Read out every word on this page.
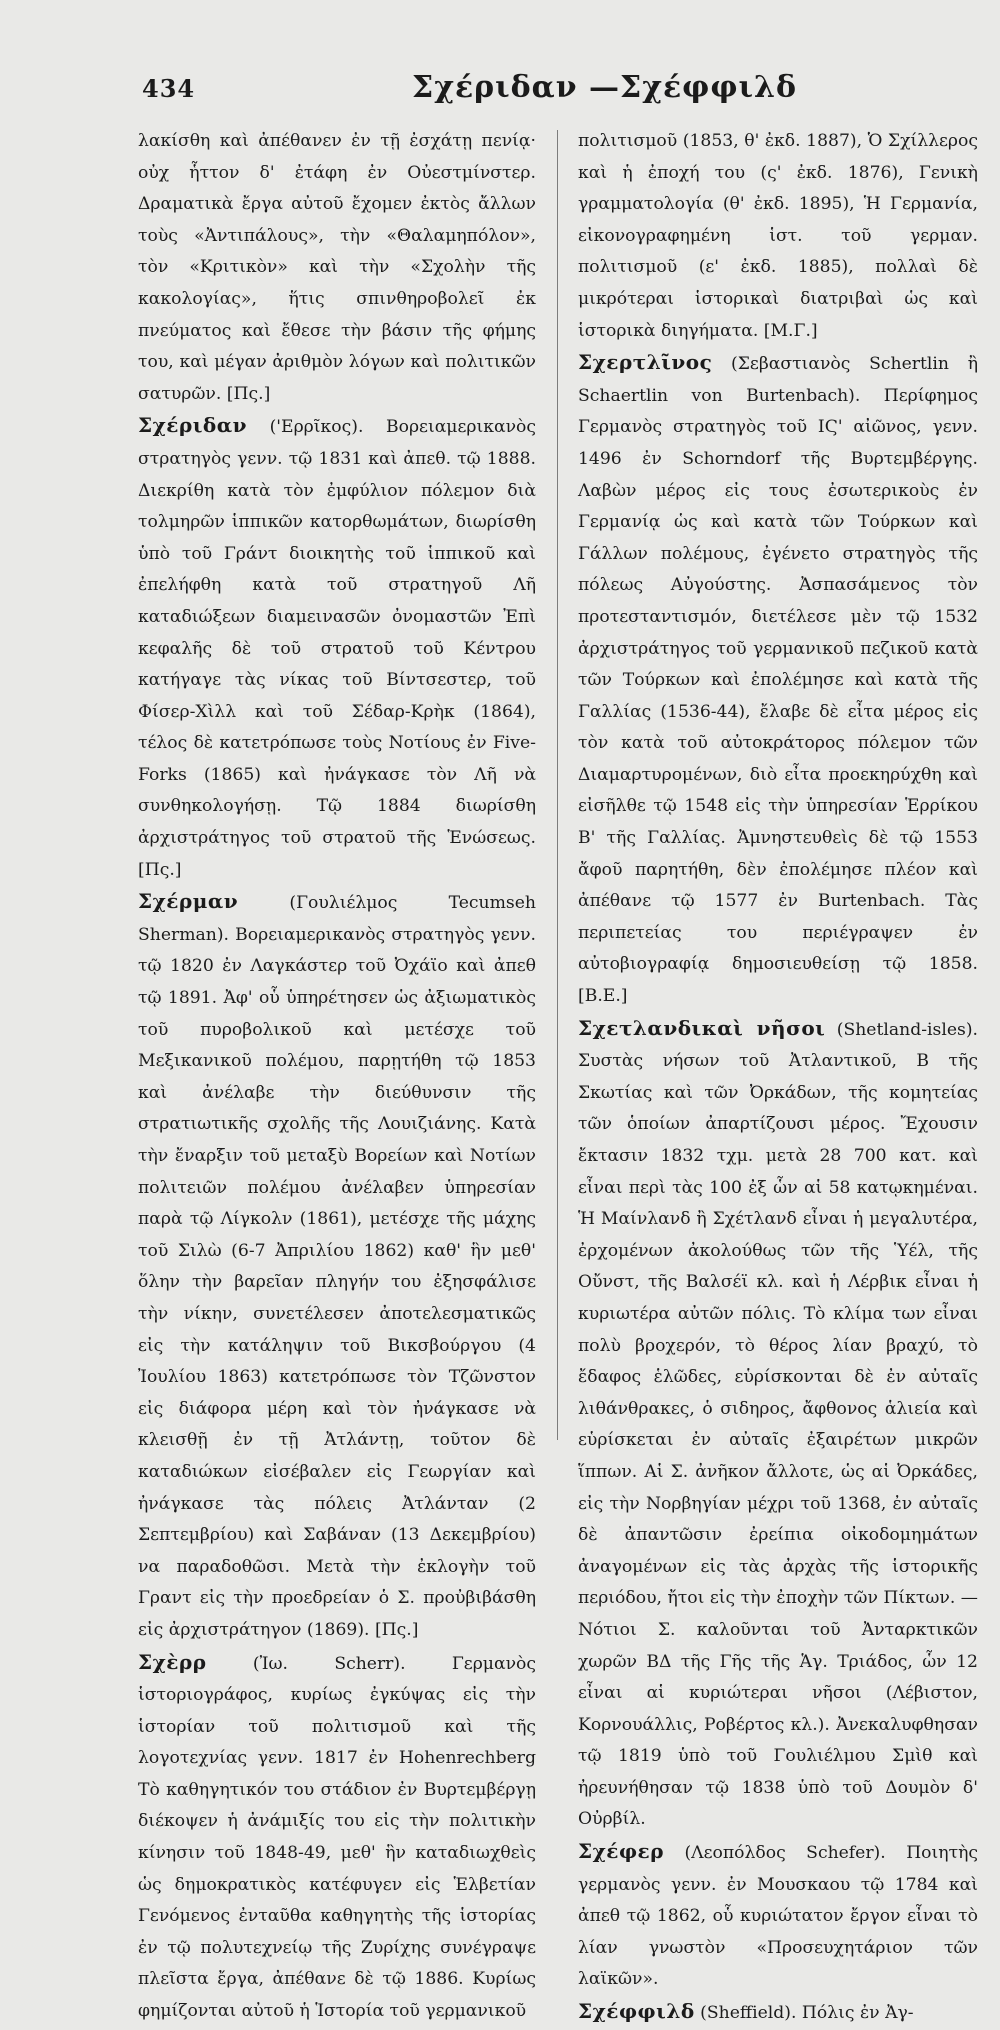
434	Σχέριδαν —Σχέφφιλδ

λακίσθη καὶ ἀπέθανεν ἐν τῇ ἐσχάτῃ πενίᾳ· οὐχ ἧττον δ' ἐτάφη ἐν Οὐεστμίνστερ. Δραματικὰ ἔργα αὐτοῦ ἔχομεν ἐκτὸς ἄλλων τοὺς «Ἀντιπάλους», τὴν «Θαλαμηπόλον», τὸν «Κριτικὸν» καὶ τὴν «Σχολὴν τῆς κακολογίας», ἥτις σπινθηροβολεῖ ἐκ πνεύματος καὶ ἔθεσε τὴν βάσιν τῆς φήμης του, καὶ μέγαν ἀριθμὸν λόγων καὶ πολιτικῶν σατυρῶν. [Πς.]

Σχέριδαν ('Ερρῖκος). Βορειαμερικανὸς στρατηγὸς γενν. τῷ 1831 καὶ ἀπεθ. τῷ 1888. Διεκρίθη κατὰ τὸν ἐμφύλιον πόλεμον διὰ τολμηρῶν ἱππικῶν κατορθωμάτων, διωρίσθη ὑπὸ τοῦ Γράντ διοικητὴς τοῦ ἱππικοῦ καὶ ἐπελήφθη κατὰ τοῦ στρατηγοῦ Λῆ καταδιώξεων διαμεινασῶν ὀνομαστῶν Ἐπὶ κεφαλῆς δὲ τοῦ στρατοῦ τοῦ Κέντρου κατήγαγε τὰς νίκας τοῦ Βίντσεστερ, τοῦ Φίσερ-Χὶλλ καὶ τοῦ Σέδαρ-Κρὴκ (1864), τέλος δὲ κατετρόπωσε τοὺς Νοτίους ἐν Five-Forks (1865) καὶ ἠνάγκασε τὸν Λῆ νὰ συνθηκολογήσῃ. Τῷ 1884 διωρίσθη ἀρχιστράτηγος τοῦ στρατοῦ τῆς Ἑνώσεως. [Πς.]

Σχέρμαν (Γουλιέλμος Tecumseh Sherman). Βορειαμερικανὸς στρατηγὸς γενν. τῷ 1820 ἐν Λαγκάστερ τοῦ Ὀχάϊο καὶ ἀπεθ τῷ 1891. Ἀφ' οὗ ὑπηρέτησεν ὡς ἀξιωματικὸς τοῦ πυροβολικοῦ καὶ μετέσχε τοῦ Μεξικανικοῦ πολέμου, παρῃτήθη τῷ 1853 καὶ ἀνέλαβε τὴν διεύθυνσιν τῆς στρατιωτικῆς σχολῆς τῆς Λουιζιάνης. Κατὰ τὴν ἔναρξιν τοῦ μεταξὺ Βορείων καὶ Νοτίων πολιτειῶν πολέμου ἀνέλαβεν ὑπηρεσίαν παρὰ τῷ Λίγκολν (1861), μετέσχε τῆς μάχης τοῦ Σιλὼ (6-7 Ἀπριλίου 1862) καθ' ἣν μεθ' ὅλην τὴν βαρεῖαν πληγήν του ἐξησφάλισε τὴν νίκην, συνετέλεσεν ἀποτελεσματικῶς εἰς τὴν κατάληψιν τοῦ Βικσβούργου (4 Ἰουλίου 1863) κατετρόπωσε τὸν Τζῶνστον εἰς διάφορα μέρη καὶ τὸν ἠνάγκασε νὰ κλεισθῇ ἐν τῇ Ἀτλάντῃ, τοῦτον δὲ καταδιώκων εἰσέβαλεν εἰς Γεωργίαν καὶ ἠνάγκασε τὰς πόλεις Ἀτλάνταν (2 Σεπτεμβρίου) καὶ Σαβάναν (13 Δεκεμβρίου) να παραδοθῶσι. Μετὰ τὴν ἐκλογὴν τοῦ Γραντ εἰς τὴν προεδρείαν ὁ Σ. προὐβιβάσθη εἰς ἀρχιστράτηγον (1869). [Πς.]

Σχὲρρ (Ἰω. Scherr). Γερμανὸς ἱστοριογράφος, κυρίως ἐγκύψας εἰς τὴν ἱστορίαν τοῦ πολιτισμοῦ καὶ τῆς λογοτεχνίας γενν. 1817 ἐν Hohenrechberg Τὸ καθηγητικόν του στάδιον ἐν Βυρτεμβέργῃ διέκοψεν ἡ ἀνάμιξίς του εἰς τὴν πολιτικὴν κίνησιν τοῦ 1848-49, μεθ' ἣν καταδιωχθεὶς ὡς δημοκρατικὸς κατέφυγεν εἰς Ἑλβετίαν Γενόμενος ἐνταῦθα καθηγητὴς τῆς ἱστορίας ἐν τῷ πολυτεχνείῳ τῆς Ζυρίχης συνέγραψε πλεῖστα ἔργα, ἀπέθανε δὲ τῷ 1886. Κυρίως φημίζονται αὐτοῦ ἡ Ἱστορία τοῦ γερμανικοῦ

πολιτισμοῦ (1853, θ' ἐκδ. 1887), Ὁ Σχίλλερος καὶ ἡ ἐποχή του (ς' ἐκδ. 1876), Γενικὴ γραμματολογία (θ' ἐκδ. 1895), Ἡ Γερμανία, εἰκονογραφημένη ἱστ. τοῦ γερμαν. πολιτισμοῦ (ε' ἐκδ. 1885), πολλαὶ δὲ μικρότεραι ἱστορικαὶ διατριβαὶ ὡς καὶ ἱστορικὰ διηγήματα. [Μ.Γ.]

Σχερτλῖνος (Σεβαστιανὸς Schertlin ἢ Schaertlin von Burtenbach). Περίφημος Γερμανὸς στρατηγὸς τοῦ ΙϚ' αἰῶνος, γενν. 1496 ἐν Schorndorf τῆς Βυρτεμβέργης. Λαβὼν μέρος εἰς τους ἐσωτερικοὺς ἐν Γερμανίᾳ ὡς καὶ κατὰ τῶν Τούρκων καὶ Γάλλων πολέμους, ἐγένετο στρατηγὸς τῆς πόλεως Αὐγούστης. Ἀσπασάμενος τὸν προτεσταντισμόν, διετέλεσε μὲν τῷ 1532 ἀρχιστράτηγος τοῦ γερμανικοῦ πεζικοῦ κατὰ τῶν Τούρκων καὶ ἐπολέμησε καὶ κατὰ τῆς Γαλλίας (1536-44), ἔλαβε δὲ εἶτα μέρος εἰς τὸν κατὰ τοῦ αὐτοκράτορος πόλεμον τῶν Διαμαρτυρομένων, διὸ εἶτα προεκηρύχθη καὶ εἰσῆλθε τῷ 1548 εἰς τὴν ὑπηρεσίαν Ἑρρίκου Β' τῆς Γαλλίας. Ἀμνηστευθεὶς δὲ τῷ 1553 ἄφοῦ παρητήθη, δὲν ἐπολέμησε πλέον καὶ ἀπέθανε τῷ 1577 ἐν Burtenbach. Τὰς περιπετείας του περιέγραψεν ἐν αὐτοβιογραφίᾳ δημοσιευθείσῃ τῷ 1858. [Β.Ε.]

Σχετλανδικαὶ νῆσοι (Shetland-isles). Συστὰς νήσων τοῦ Ἀτλαντικοῦ, Β τῆς Σκωτίας καὶ τῶν Ὀρκάδων, τῆς κομητείας τῶν ὁποίων ἀπαρτίζουσι μέρος. Ἔχουσιν ἔκτασιν 1832 τχμ. μετὰ 28 700 κατ. καὶ εἶναι περὶ τὰς 100 ἐξ ὧν αἱ 58 κατῳκημέναι. Ἡ Μαίνλανδ ἢ Σχέτλανδ εἶναι ἡ μεγαλυτέρα, ἐρχομένων ἀκολούθως τῶν τῆς Ὑέλ, τῆς Οὔνστ, τῆς Βαλσέϊ κλ. καὶ ἡ Λέρβικ εἶναι ἡ κυριωτέρα αὐτῶν πόλις. Τὸ κλίμα των εἶναι πολὺ βροχερόν, τὸ θέρος λίαν βραχύ, τὸ ἔδαφος ἑλῶδες, εὑρίσκονται δὲ ἐν αὐταῖς λιθάνθρακες, ὁ σιδηρος, ἄφθονος ἁλιεία καὶ εὑρίσκεται ἐν αὐταῖς ἐξαιρέτων μικρῶν ἵππων. Αἱ Σ. ἀνῆκον ἄλλοτε, ὡς αἱ Ὀρκάδες, εἰς τὴν Νορβηγίαν μέχρι τοῦ 1368, ἐν αὐταῖς δὲ ἀπαντῶσιν ἐρείπια οἰκοδομημάτων ἀναγομένων εἰς τὰς ἀρχὰς τῆς ἱστορικῆς περιόδου, ἤτοι εἰς τὴν ἐποχὴν τῶν Πίκτων. — Νότιοι Σ. καλοῦνται τοῦ Ἀνταρκτικῶν χωρῶν ΒΔ τῆς Γῆς τῆς Ἁγ. Τριάδος, ὧν 12 εἶναι αἱ κυριώτεραι νῆσοι (Λέβιστον, Κορνουάλλις, Ροβέρτος κλ.). Ἀνεκαλυφθησαν τῷ 1819 ὑπὸ τοῦ Γουλιέλμου Σμὶθ καὶ ἠρευνήθησαν τῷ 1838 ὑπὸ τοῦ Δουμὸν δ' Οὐρβίλ.

Σχέφερ (Λεοπόλδος Schefer). Ποιητὴς γερμανὸς γενν. ἐν Μουσκαου τῷ 1784 καὶ ἀπεθ τῷ 1862, οὗ κυριώτατον ἔργον εἶναι τὸ λίαν γνωστὸν «Προσευχητάριον τῶν λαϊκῶν».

Σχέφφιλδ (Sheffield). Πόλις ἐν Ἀγ-
